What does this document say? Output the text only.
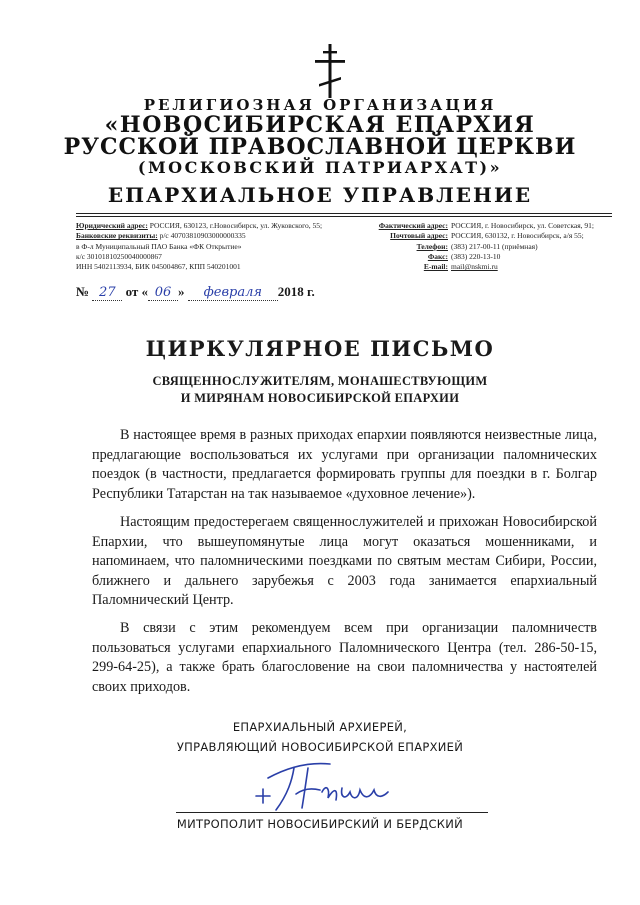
РЕЛИГИОЗНАЯ ОРГАНИЗАЦИЯ
«НОВОСИБИРСКАЯ ЕПАРХИЯ
РУССКОЙ ПРАВОСЛАВНОЙ ЦЕРКВИ
(МОСКОВСКИЙ ПАТРИАРХАТ)»
ЕПАРХИАЛЬНОЕ УПРАВЛЕНИЕ
Юридический адрес: РОССИЯ, 630123, г.Новосибирск, ул. Жуковского, 55;
Банковские реквизиты: р/с 40703810903000000335
в Ф-л Муниципальный ПАО Банка «ФК Открытие»
к/с 30101810250040000867
ИНН 5402113934, БИК 045004867, КПП 540201001
Фактический адрес: РОССИЯ, г. Новосибирск, ул. Советская, 91;
Почтовый адрес: РОССИЯ, 630132, г. Новосибирск, а/я 55;
Телефон: (383) 217-00-11 (приёмная)
Факс: (383) 220-13-10
E-mail: mail@nskmi.ru
№ 27 от « 06 » февраля 2018 г.
ЦИРКУЛЯРНОЕ ПИСЬМО
СВЯЩЕННОСЛУЖИТЕЛЯМ, МОНАШЕСТВУЮЩИМ
И МИРЯНАМ НОВОСИБИРСКОЙ ЕПАРХИИ

В настоящее время в разных приходах епархии появляются неизвестные лица, предлагающие воспользоваться их услугами при организации паломнических поездок (в частности, предлагается формировать группы для поездки в г. Болгар Республики Татарстан на так называемое «духовное лечение»).

Настоящим предостерегаем священнослужителей и прихожан Новосибирской Епархии, что вышеупомянутые лица могут оказаться мошенниками, и напоминаем, что паломническими поездками по святым местам Сибири, России, ближнего и дальнего зарубежья с 2003 года занимается епархиальный Паломнический Центр.

В связи с этим рекомендуем всем при организации паломничеств пользоваться услугами епархиального Паломнического Центра (тел. 286-50-15, 299-64-25), а также брать благословение на свои паломничества у настоятелей своих приходов.

ЕПАРХИАЛЬНЫЙ АРХИЕРЕЙ,
УПРАВЛЯЮЩИЙ НОВОСИБИРСКОЙ ЕПАРХИЕЙ
МИТРОПОЛИТ НОВОСИБИРСКИЙ И БЕРДСКИЙ
